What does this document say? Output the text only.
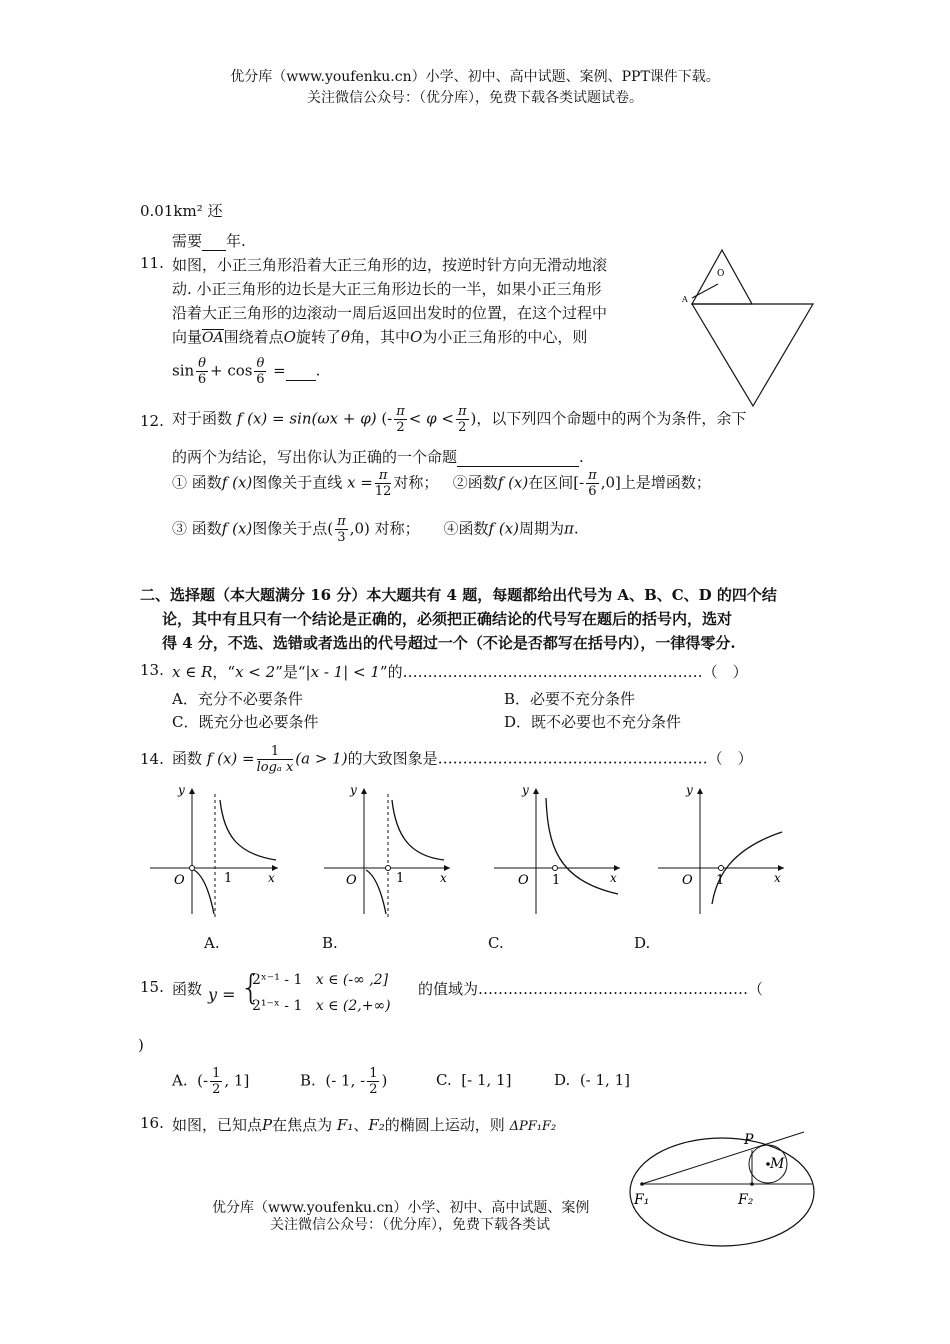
优分库（www.youfenku.cn）小学、初中、高中试题、案例、PPT课件下载。
关注微信公众号：（优分库），免费下载各类试题试卷。
0.01km² 还
需要 年.
11. 如图，小正三角形沿着大正三角形的边，按逆时针方向无滑动地滚
动. 小正三角形的边长是大正三角形边长的一半，如果小正三角形
沿着大正三角形的边滚动一周后返回出发时的位置，在这个过程中
向量OA围绕着点O旋转了θ角，其中O为小正三角形的中心，则
$\sin \frac{\theta}{6} + \cos \frac{\theta}{6}$ = .
O
A
12. 对于函数 f (x) = sin(ωx + φ) (- $\frac{\pi}{2} < \varphi < \frac{\pi}{2}$ )，以下列四个命题中的两个为条件，余下
的两个为结论，写出你认为正确的一个命题	.
① 函数f (x)图像关于直线 $x = \frac{\pi}{12}$ 对称； ②函数f (x)在区间[- $\frac{\pi}{6} ,0$]上是增函数；
③ 函数f (x)图像关于点( $\frac{\pi}{3} ,0$) 对称； ④函数f (x)周期为π.
二、选择题（本大题满分 16 分）本大题共有 4 题，每题都给出代号为 A、B、C、D 的四个结
论，其中有且只有一个结论是正确的，必须把正确结论的代号写在题后的括号内，选对
得 4 分，不选、选错或者选出的代号超过一个（不论是否都写在括号内），一律得零分.
13. x ∈ R，“x < 2”是“|x - 1| < 1”的……………………………………………………（　）
A．充分不必要条件	B．必要不充分条件
C．既充分也必要条件	D．既不必要也不充分条件
14. 函数 f $(x) = \frac{1}{\text{logₐ x}} (a > 1)$的大致图象是………………………………………………（　）
y
x
O	1
A.
y
x
O	1
B.
y
x
O 1
C.
y
x
O 1
D.
15. 函数 y = {
2ˣ⁻¹ - 1 x ∈ (-∞ ,2]
2¹⁻ˣ - 1 x ∈ (2,+∞)
的值域为………………………………………………（
)
A. (- $\frac{1}{2}$ , 1]	B. (- 1, - $\frac{1}{2}$ )	C. [- 1, 1]	D. (- 1, 1]
16. 如图，已知点P在焦点为 F₁、F₂的椭圆上运动，则 ΔPF₁F₂
P
M
F₁	F₂
优分库（www.youfenku.cn）小学、初中、高中试题、案例
关注微信公众号：（优分库），免费下载各类试
